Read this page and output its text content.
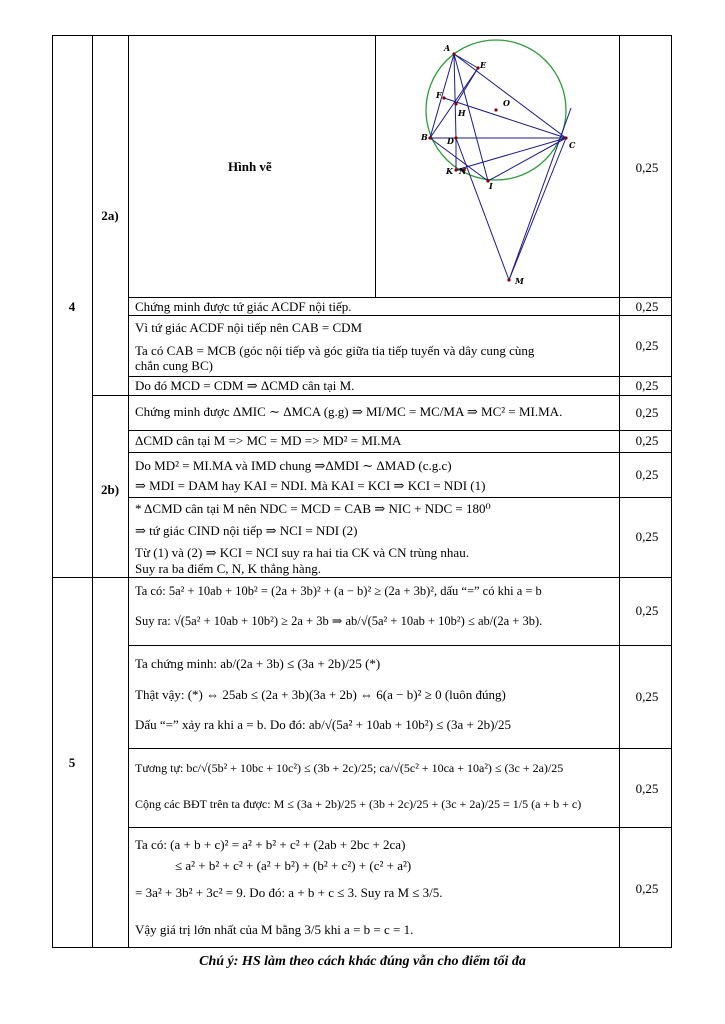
4
5
2a)
2b)
Hình vẽ
A
E
F
O
H
B D	C
K N
I
M
Chứng minh được tứ giác ACDF nội tiếp.
Vì tứ giác ACDF nội tiếp nên CAB = CDM
Ta có CAB = MCB (góc nội tiếp và góc giữa tia tiếp tuyến và dây cung cùng
chắn cung BC)
Do đó MCD = CDM ⇒ ΔCMD cân tại M.
Chứng minh được ΔMIC ∼ ΔMCA (g.g) ⇒ MI/MC = MC/MA ⇒ MC² = MI.MA.
ΔCMD cân tại M => MC = MD => MD² = MI.MA
Do MD² = MI.MA và IMD chung ⇒ΔMDI ∼ ΔMAD (c.g.c)
⇒ MDI = DAM hay KAI = NDI. Mà KAI = KCI ⇒ KCI = NDI (1)
* ΔCMD cân tại M nên NDC = MCD = CAB ⇒ NIC + NDC = 180⁰
⇒ tứ giác CIND nội tiếp ⇒ NCI = NDI (2)
Từ (1) và (2) ⇒ KCI = NCI suy ra hai tia CK và CN trùng nhau.
Suy ra ba điểm C, N, K thẳng hàng.
Ta có: 5a² + 10ab + 10b² = (2a + 3b)² + (a − b)² ≥ (2a + 3b)², dấu “=” có khi a = b
Suy ra: √(5a² + 10ab + 10b²) ≥ 2a + 3b ⇒ ab/√(5a² + 10ab + 10b²) ≤ ab/(2a + 3b).
Ta chứng minh: ab/(2a + 3b) ≤ (3a + 2b)/25 (*)
Thật vậy: (*) ⇔ 25ab ≤ (2a + 3b)(3a + 2b) ⇔ 6(a − b)² ≥ 0 (luôn đúng)
Dấu “=” xảy ra khi a = b. Do đó: ab/√(5a² + 10ab + 10b²) ≤ (3a + 2b)/25
Tương tự: bc/√(5b² + 10bc + 10c²) ≤ (3b + 2c)/25; ca/√(5c² + 10ca + 10a²) ≤ (3c + 2a)/25
Cộng các BĐT trên ta được: M ≤ (3a + 2b)/25 + (3b + 2c)/25 + (3c + 2a)/25 = 1/5 (a + b + c)
Ta có: (a + b + c)² = a² + b² + c² + (2ab + 2bc + 2ca)
≤ a² + b² + c² + (a² + b²) + (b² + c²) + (c² + a²)
= 3a² + 3b² + 3c² = 9. Do đó: a + b + c ≤ 3. Suy ra M ≤ 3/5.
Vậy giá trị lớn nhất của M bằng 3/5 khi a = b = c = 1.
0,25
0,25
0,25
0,25
0,25
0,25
0,25
0,25
0,25
0,25
0,25
0,25
Chú ý: HS làm theo cách khác đúng vẫn cho điểm tối đa
